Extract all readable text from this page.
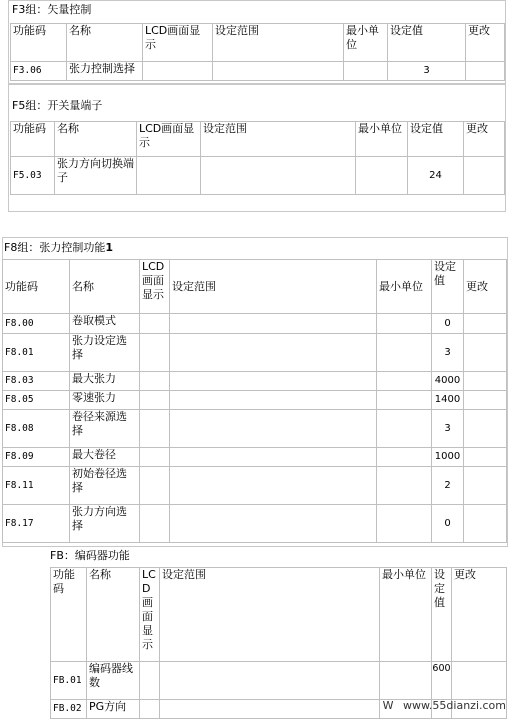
F3组：矢量控制
功能码	名称	LCD画面显示	设定范围	最小单位	设定值	更改
F3.06	张力控制选择				3	
F5组：开关量端子
功能码	名称	LCD画面显示	设定范围	最小单位	设定值	更改
F5.03	张力方向切换端子				24	
F8组：张力控制功能1
功能码	名称	LCD画面显示	设定范围	最小单位	设定值	更改
F8.00	卷取模式				0	
F8.01	张力设定选择				3	
F8.03	最大张力				4000	
F8.05	零速张力				1400	
F8.08	卷径来源选择				3	
F8.09	最大卷径				1000	
F8.11	初始卷径选择				2	
F8.17	张力方向选择				0	
FB：编码器功能
功能码	名称	LCD画面显示	设定范围	最小单位	设定值	更改
FB.01	编码器线数				600	
FB.02	PG方向						W www.55dianzi.com
